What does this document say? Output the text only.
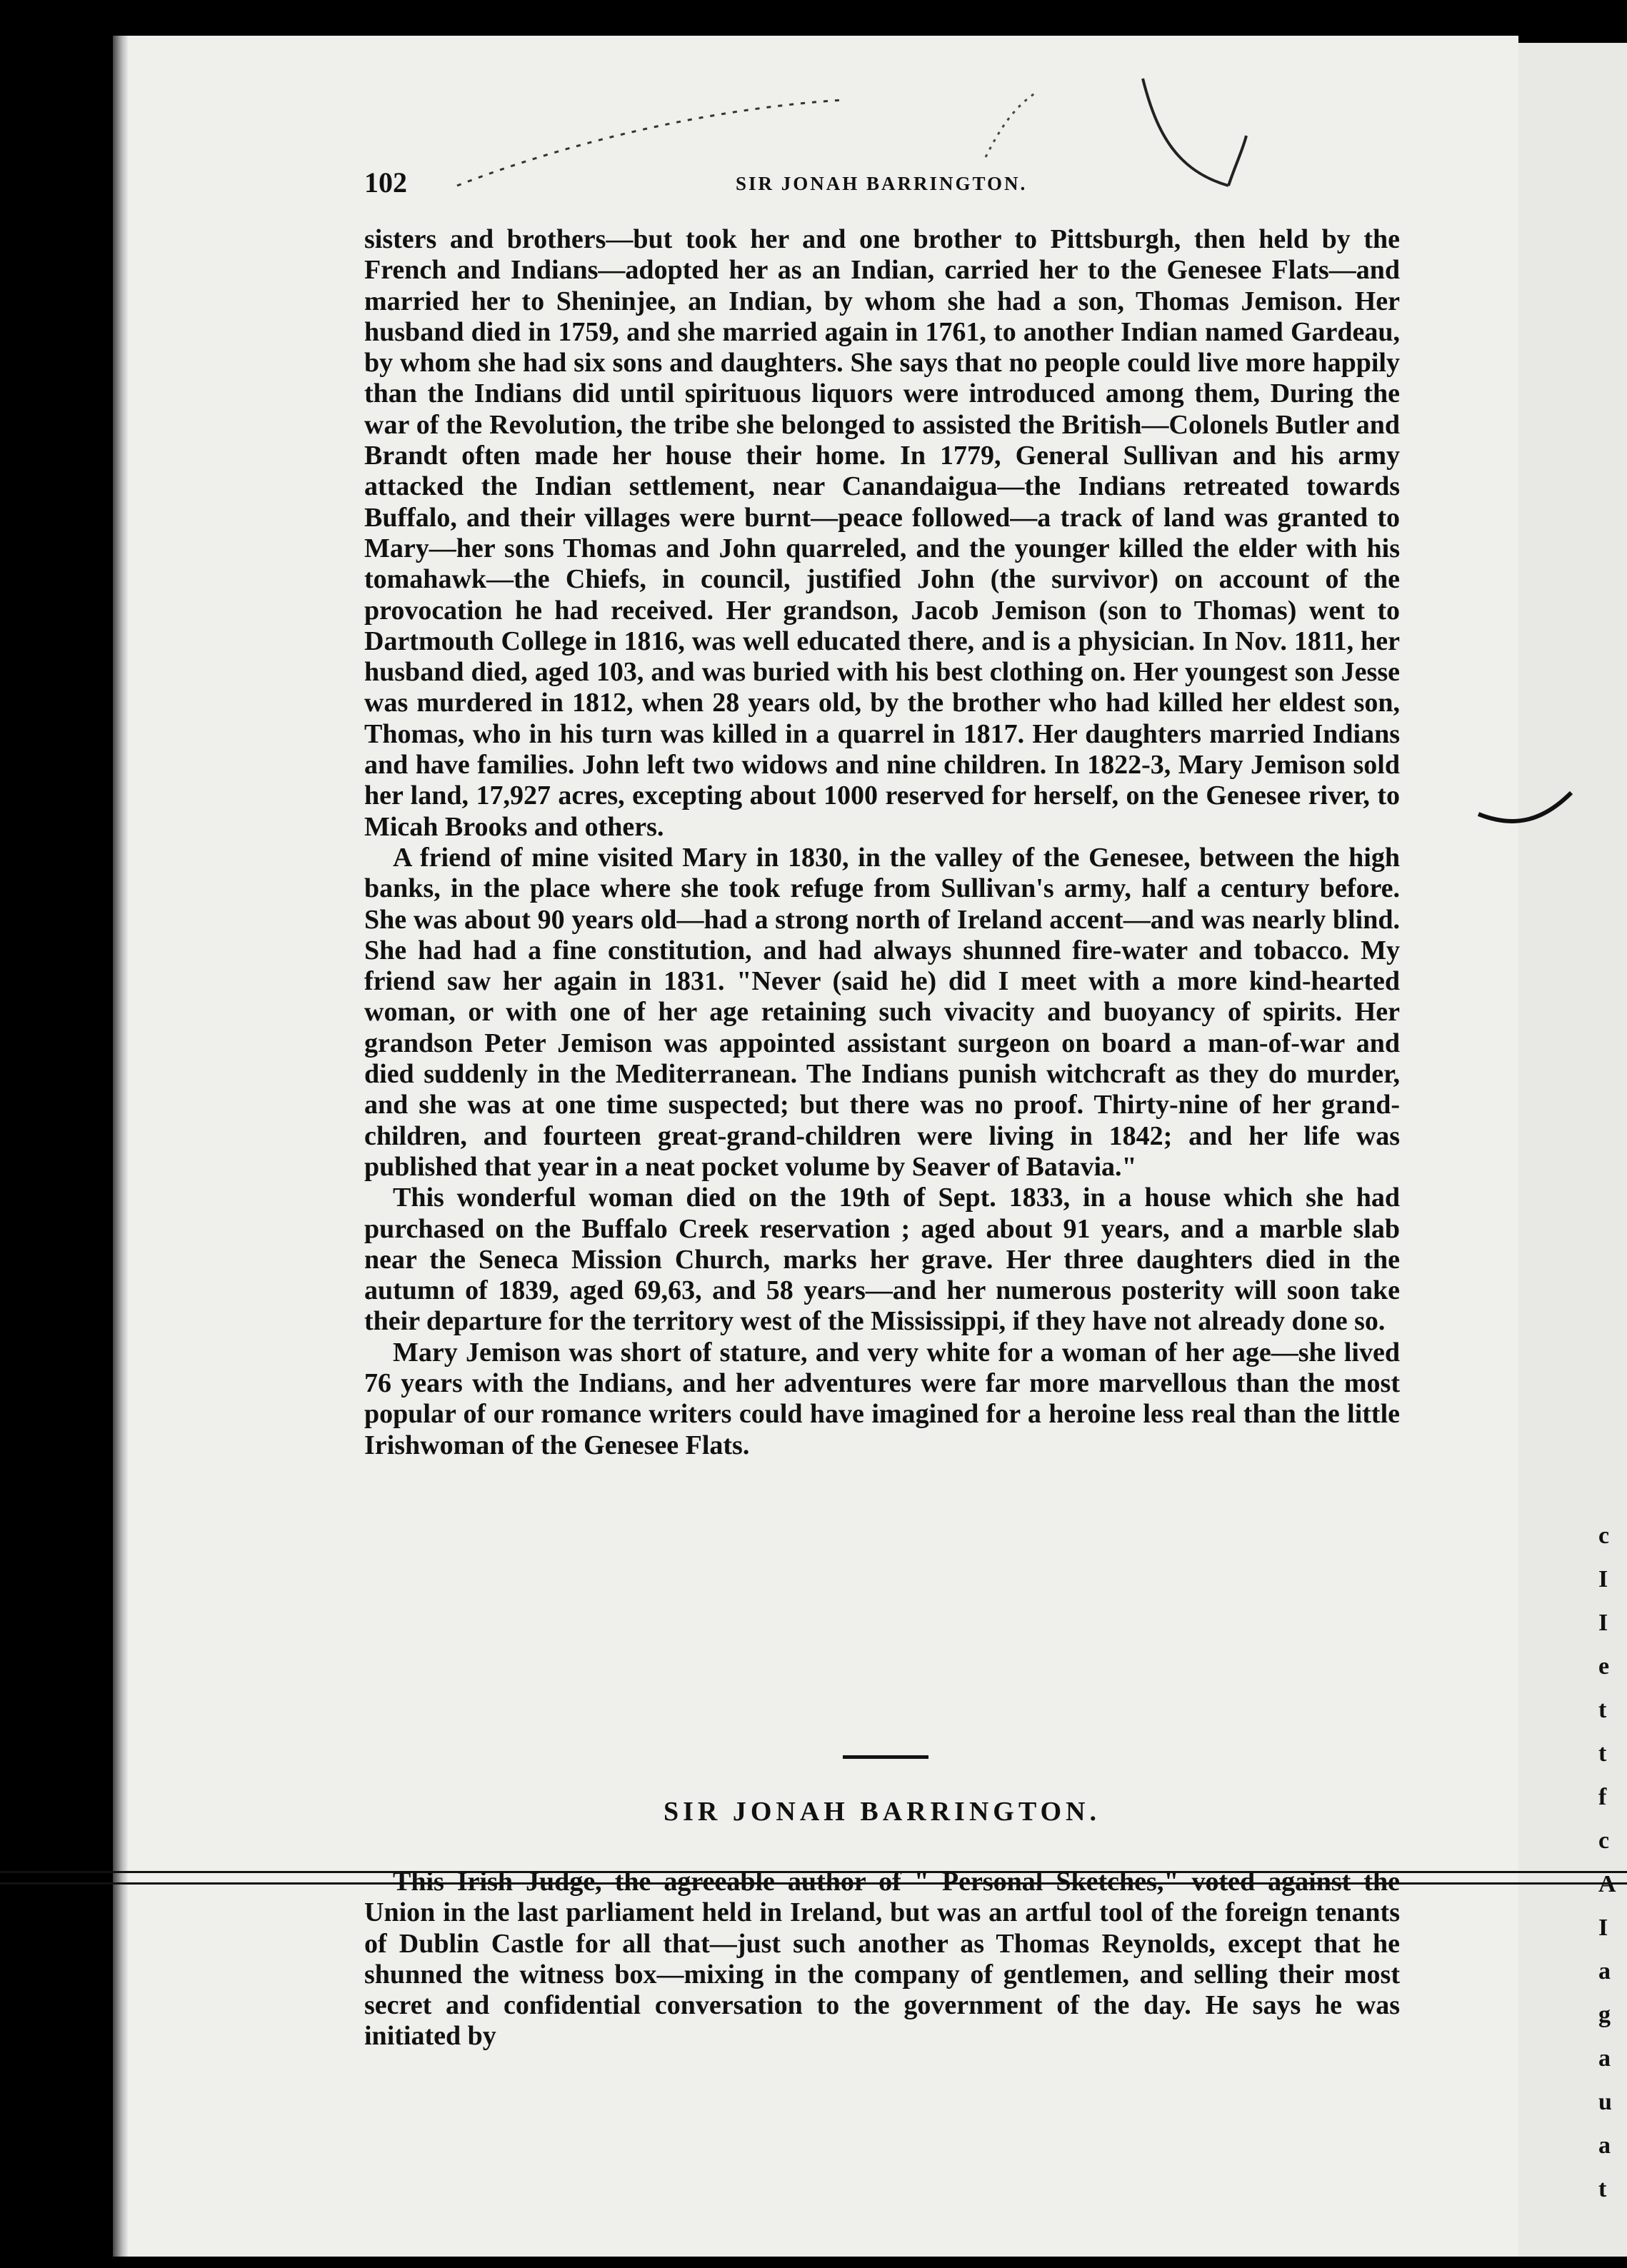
102	SIR JONAH BARRINGTON.

sisters and brothers—but took her and one brother to Pittsburgh, then held by the French and Indians—adopted her as an Indian, carried her to the Genesee Flats—and married her to Sheninjee, an Indian, by whom she had a son, Thomas Jemison. Her husband died in 1759, and she married again in 1761, to another Indian named Gardeau, by whom she had six sons and daughters. She says that no people could live more happily than the Indians did until spirituous liquors were introduced among them, During the war of the Revolution, the tribe she belonged to assisted the British—Colonels Butler and Brandt often made her house their home. In 1779, General Sullivan and his army attacked the Indian settlement, near Canandaigua—the Indians retreated towards Buffalo, and their villages were burnt—peace followed—a track of land was granted to Mary—her sons Thomas and John quarreled, and the younger killed the elder with his tomahawk—the Chiefs, in council, justified John (the survivor) on account of the provocation he had received. Her grandson, Jacob Jemison (son to Thomas) went to Dartmouth College in 1816, was well educated there, and is a physician. In Nov. 1811, her husband died, aged 103, and was buried with his best clothing on. Her youngest son Jesse was murdered in 1812, when 28 years old, by the brother who had killed her eldest son, Thomas, who in his turn was killed in a quarrel in 1817. Her daughters married Indians and have families. John left two widows and nine children. In 1822-3, Mary Jemison sold her land, 17,927 acres, excepting about 1000 reserved for herself, on the Genesee river, to Micah Brooks and others.

A friend of mine visited Mary in 1830, in the valley of the Genesee, between the high banks, in the place where she took refuge from Sullivan's army, half a century before. She was about 90 years old—had a strong north of Ireland accent—and was nearly blind. She had had a fine constitution, and had always shunned fire-water and tobacco. My friend saw her again in 1831. "Never (said he) did I meet with a more kind-hearted woman, or with one of her age retaining such vivacity and buoyancy of spirits. Her grandson Peter Jemison was appointed assistant surgeon on board a man-of-war and died suddenly in the Mediterranean. The Indians punish witchcraft as they do murder, and she was at one time suspected; but there was no proof. Thirty-nine of her grand-children, and fourteen great-grand-children were living in 1842; and her life was published that year in a neat pocket volume by Seaver of Batavia."

This wonderful woman died on the 19th of Sept. 1833, in a house which she had purchased on the Buffalo Creek reservation ; aged about 91 years, and a marble slab near the Seneca Mission Church, marks her grave. Her three daughters died in the autumn of 1839, aged 69,63, and 58 years—and her numerous posterity will soon take their departure for the territory west of the Mississippi, if they have not already done so.

Mary Jemison was short of stature, and very white for a woman of her age—she lived 76 years with the Indians, and her adventures were far more marvellous than the most popular of our romance writers could have imagined for a heroine less real than the little Irishwoman of the Genesee Flats.

SIR JONAH BARRINGTON.

This Irish Judge, the agreeable author of " Personal Sketches," voted against the Union in the last parliament held in Ireland, but was an artful tool of the foreign tenants of Dublin Castle for all that—just such another as Thomas Reynolds, except that he shunned the witness box—mixing in the company of gentlemen, and selling their most secret and confidential conversation to the government of the day. He says he was initiated by

c
I
I
e
t
t
f
c
A
I
a
g
a
u
a
t
